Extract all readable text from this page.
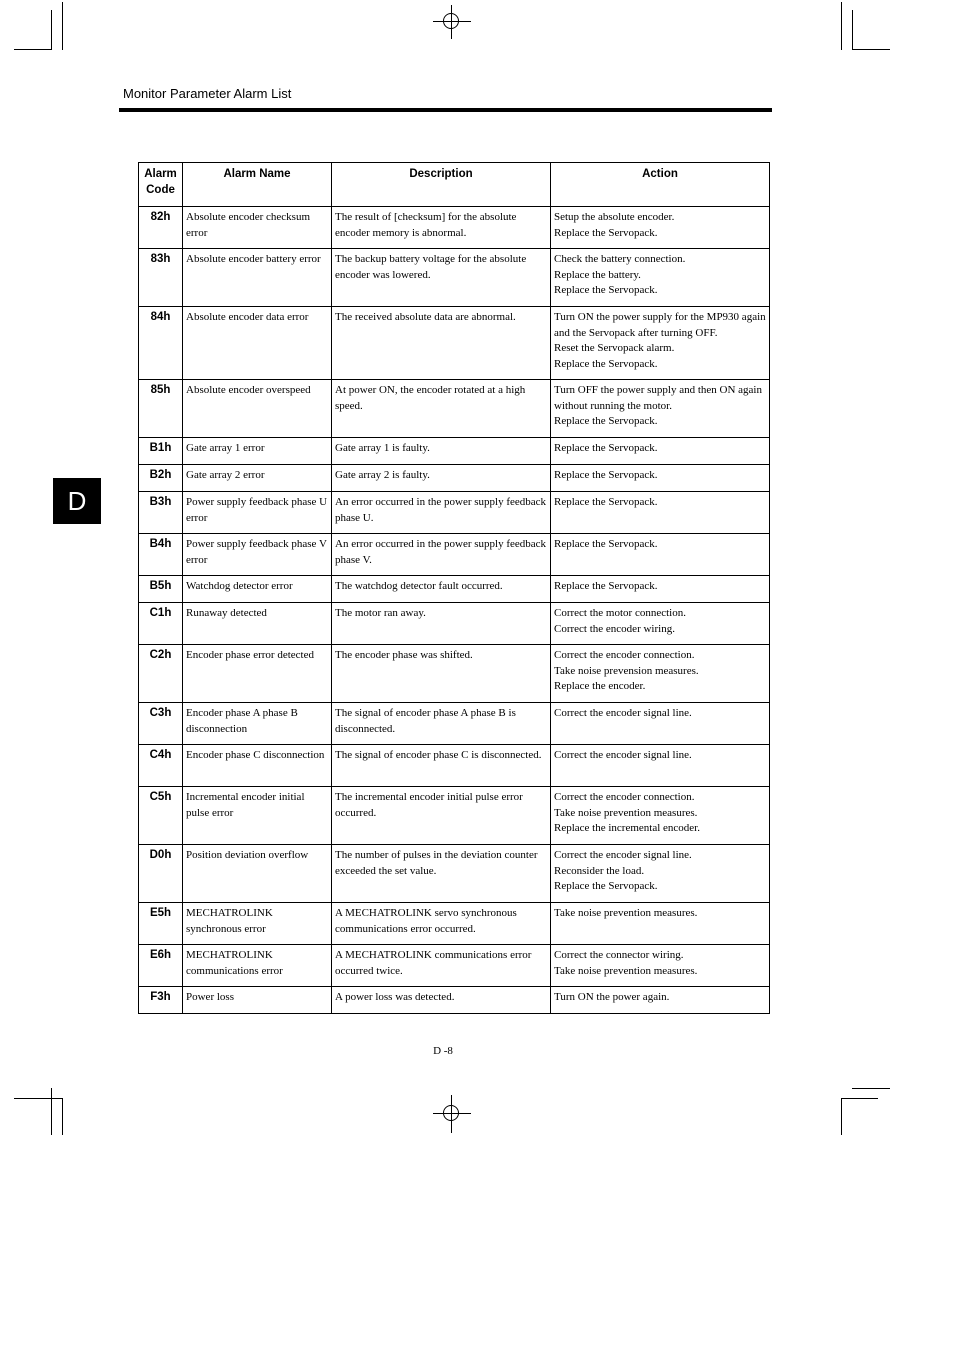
Monitor Parameter Alarm List
D
Alarm Code	Alarm Name	Description	Action
82h	Absolute encoder checksum error	The result of [checksum] for the absolute encoder memory is abnormal.	Setup the absolute encoder.
Replace the Servopack.

83h	Absolute encoder battery error	The backup battery voltage for the absolute encoder was lowered.	Check the battery connection.
Replace the battery.
Replace the Servopack.

84h	Absolute encoder data error	The received absolute data are abnormal.	Turn ON the power supply for the MP930 again and the Servopack after turning OFF.
Reset the Servopack alarm.
Replace the Servopack.

85h	Absolute encoder overspeed	At power ON, the encoder rotated at a high speed.	Turn OFF the power supply and then ON again without running the motor.
Replace the Servopack.

B1h	Gate array 1 error	Gate array 1 is faulty.	Replace the Servopack.

B2h	Gate array 2 error	Gate array 2 is faulty.	Replace the Servopack.

B3h	Power supply feedback phase U error	An error occurred in the power supply feedback phase U.	Replace the Servopack.

B4h	Power supply feedback phase V error	An error occurred in the power supply feedback phase V.	Replace the Servopack.

B5h	Watchdog detector error	The watchdog detector fault occurred.	Replace the Servopack.

C1h	Runaway detected	The motor ran away.	Correct the motor connection.
Correct the encoder wiring.

C2h	Encoder phase error detected	The encoder phase was shifted.	Correct the encoder connection.
Take noise prevension measures.
Replace the encoder.

C3h	Encoder phase A phase B disconnection	The signal of encoder phase A phase B is disconnected.	Correct the encoder signal line.

C4h	Encoder phase C disconnection	The signal of encoder phase C is disconnected.	Correct the encoder signal line.

C5h	Incremental encoder initial pulse error	The incremental encoder initial pulse error occurred.	Correct the encoder connection.
Take noise prevention measures.
Replace the incremental encoder.

D0h	Position deviation overflow	The number of pulses in the deviation counter exceeded the set value.	Correct the encoder signal line.
Reconsider the load.
Replace the Servopack.

E5h	MECHATROLINK synchronous error	A MECHATROLINK servo synchronous communications error occurred.	Take noise prevention measures.

E6h	MECHATROLINK communications error	A MECHATROLINK communications error occurred twice.	Correct the connector wiring.
Take noise prevention measures.

F3h	Power loss	A power loss was detected.	Turn ON the power again.
D -8
